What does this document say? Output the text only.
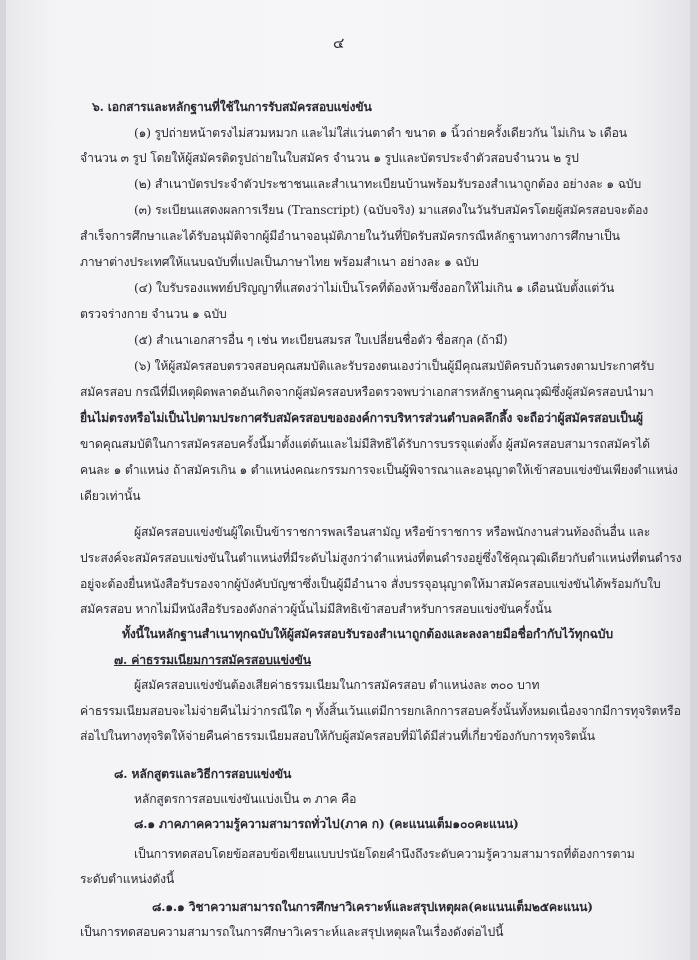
๔
๖. เอกสารและหลักฐานที่ใช้ในการรับสมัครสอบแข่งขัน
(๑) รูปถ่ายหน้าตรงไม่สวมหมวก และไม่ใส่แว่นตาดำ ขนาด ๑ นิ้วถ่ายครั้งเดียวกัน ไม่เกิน ๖ เดือน
จำนวน ๓ รูป โดยให้ผู้สมัครติดรูปถ่ายในใบสมัคร จำนวน ๑ รูปและบัตรประจำตัวสอบจำนวน ๒ รูป
(๒) สำเนาบัตรประจำตัวประชาชนและสำเนาทะเบียนบ้านพร้อมรับรองสำเนาถูกต้อง อย่างละ ๑ ฉบับ
(๓) ระเบียนแสดงผลการเรียน (Transcript) (ฉบับจริง) มาแสดงในวันรับสมัครโดยผู้สมัครสอบจะต้อง
สำเร็จการศึกษาและได้รับอนุมัติจากผู้มีอำนาจอนุมัติภายในวันที่ปิดรับสมัครกรณีหลักฐานทางการศึกษาเป็น
ภาษาต่างประเทศให้แนบฉบับที่แปลเป็นภาษาไทย พร้อมสำเนา อย่างละ ๑ ฉบับ
(๔) ใบรับรองแพทย์ปริญญาที่แสดงว่าไม่เป็นโรคที่ต้องห้ามซึ่งออกให้ไม่เกิน ๑ เดือนนับตั้งแต่วัน
ตรวจร่างกาย จำนวน ๑ ฉบับ
(๕) สำเนาเอกสารอื่น ๆ เช่น ทะเบียนสมรส ใบเปลี่ยนชื่อตัว ชื่อสกุล (ถ้ามี)
(๖) ให้ผู้สมัครสอบตรวจสอบคุณสมบัติและรับรองตนเองว่าเป็นผู้มีคุณสมบัติครบถ้วนตรงตามประกาศรับ
สมัครสอบ กรณีที่มีเหตุผิดพลาดอันเกิดจากผู้สมัครสอบหรือตรวจพบว่าเอกสารหลักฐานคุณวุฒิซึ่งผู้สมัครสอบนำมา
ยื่นไม่ตรงหรือไม่เป็นไปตามประกาศรับสมัครสอบขององค์การบริหารส่วนตำบลคลึกลึ้ง จะถือว่าผู้สมัครสอบเป็นผู้
ขาดคุณสมบัติในการสมัครสอบครั้งนี้มาตั้งแต่ต้นและไม่มีสิทธิได้รับการบรรจุแต่งตั้ง ผู้สมัครสอบสามารถสมัครได้
คนละ ๑ ตำแหน่ง ถ้าสมัครเกิน ๑ ตำแหน่งคณะกรรมการจะเป็นผู้พิจารณาและอนุญาตให้เข้าสอบแข่งขันเพียงตำแหน่ง
เดียวเท่านั้น
ผู้สมัครสอบแข่งขันผู้ใดเป็นข้าราชการพลเรือนสามัญ หรือข้าราชการ หรือพนักงานส่วนท้องถิ่นอื่น และ
ประสงค์จะสมัครสอบแข่งขันในตำแหน่งที่มีระดับไม่สูงกว่าตำแหน่งที่ตนดำรงอยู่ซึ่งใช้คุณวุฒิเดียวกับตำแหน่งที่ตนดำรง
อยู่จะต้องยื่นหนังสือรับรองจากผู้บังคับบัญชาซึ่งเป็นผู้มีอำนาจ สั่งบรรจุอนุญาตให้มาสมัครสอบแข่งขันได้พร้อมกับใบ
สมัครสอบ หากไม่มีหนังสือรับรองดังกล่าวผู้นั้นไม่มีสิทธิเข้าสอบสำหรับการสอบแข่งขันครั้งนั้น
ทั้งนี้ในหลักฐานสำเนาทุกฉบับให้ผู้สมัครสอบรับรองสำเนาถูกต้องและลงลายมือชื่อกำกับไว้ทุกฉบับ
๗. ค่าธรรมเนียมการสมัครสอบแข่งขัน
ผู้สมัครสอบแข่งขันต้องเสียค่าธรรมเนียมในการสมัครสอบ ตำแหน่งละ ๓๐๐ บาท
ค่าธรรมเนียมสอบจะไม่จ่ายคืนไม่ว่ากรณีใด ๆ ทั้งสิ้นเว้นแต่มีการยกเลิกการสอบครั้งนั้นทั้งหมดเนื่องจากมีการทุจริตหรือ
ส่อไปในทางทุจริตให้จ่ายคืนค่าธรรมเนียมสอบให้กับผู้สมัครสอบที่มิได้มีส่วนที่เกี่ยวข้องกับการทุจริตนั้น
๘. หลักสูตรและวิธีการสอบแข่งขัน
หลักสูตรการสอบแข่งขันแบ่งเป็น ๓ ภาค คือ
๘.๑ ภาคภาคความรู้ความสามารถทั่วไป(ภาค ก) (คะแนนเต็ม๑๐๐คะแนน)
เป็นการทดสอบโดยข้อสอบข้อเขียนแบบปรนัยโดยคำนึงถึงระดับความรู้ความสามารถที่ต้องการตาม
ระดับตำแหน่งดังนี้
๘.๑.๑ วิชาความสามารถในการศึกษาวิเคราะห์และสรุปเหตุผล(คะแนนเต็ม๒๕คะแนน)
เป็นการทดสอบความสามารถในการศึกษาวิเคราะห์และสรุปเหตุผลในเรื่องดังต่อไปนี้
